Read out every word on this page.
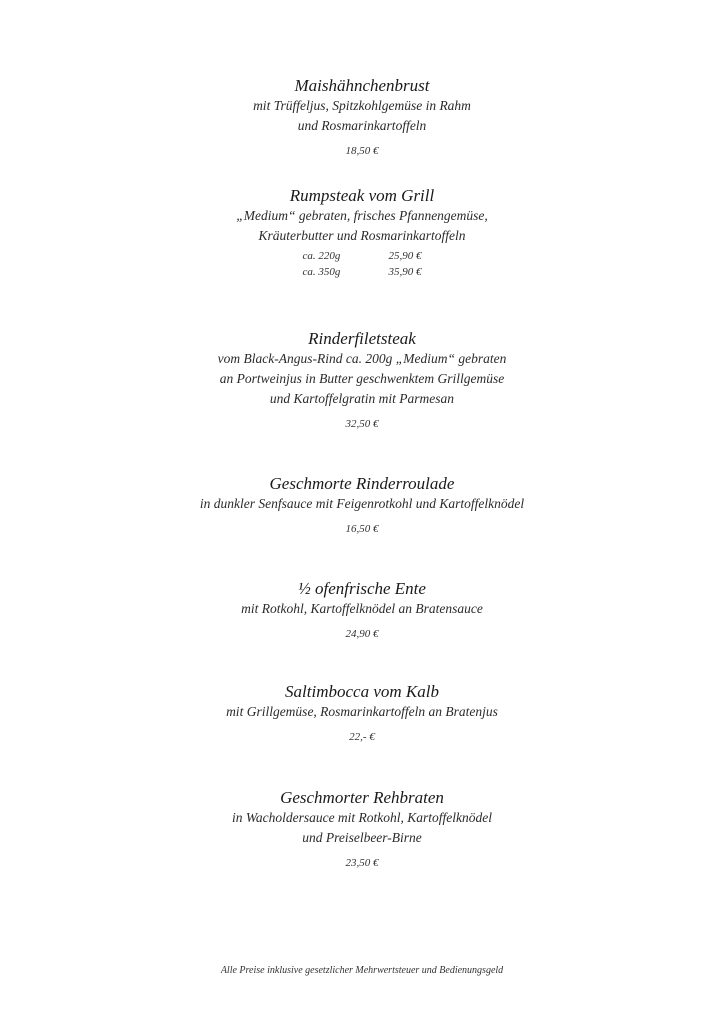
Maishähnchenbrust
mit Trüffeljus, Spitzkohlgemüse in Rahm
und Rosmarinkartoffeln
18,50 €
Rumpsteak vom Grill
„Medium“ gebraten, frisches Pfannengemüse,
Kräuterbutter und Rosmarinkartoffeln
ca. 220g	25,90 €
ca. 350g	35,90 €
Rinderfiletsteak
vom Black-Angus-Rind ca. 200g „Medium“ gebraten
an Portweinjus in Butter geschwenktem Grillgemüse
und Kartoffelgratin mit Parmesan
32,50 €
Geschmorte Rinderroulade
in dunkler Senfsauce mit Feigenrotkohl und Kartoffelknödel
16,50 €
½ ofenfrische Ente
mit Rotkohl, Kartoffelknödel an Bratensauce
24,90 €
Saltimbocca vom Kalb
mit Grillgemüse, Rosmarinkartoffeln an Bratenjus
22,- €
Geschmorter Rehbraten
in Wacholdersauce mit Rotkohl, Kartoffelknödel
und Preiselbeer-Birne
23,50 €
Alle Preise inklusive gesetzlicher Mehrwertsteuer und Bedienungsgeld
